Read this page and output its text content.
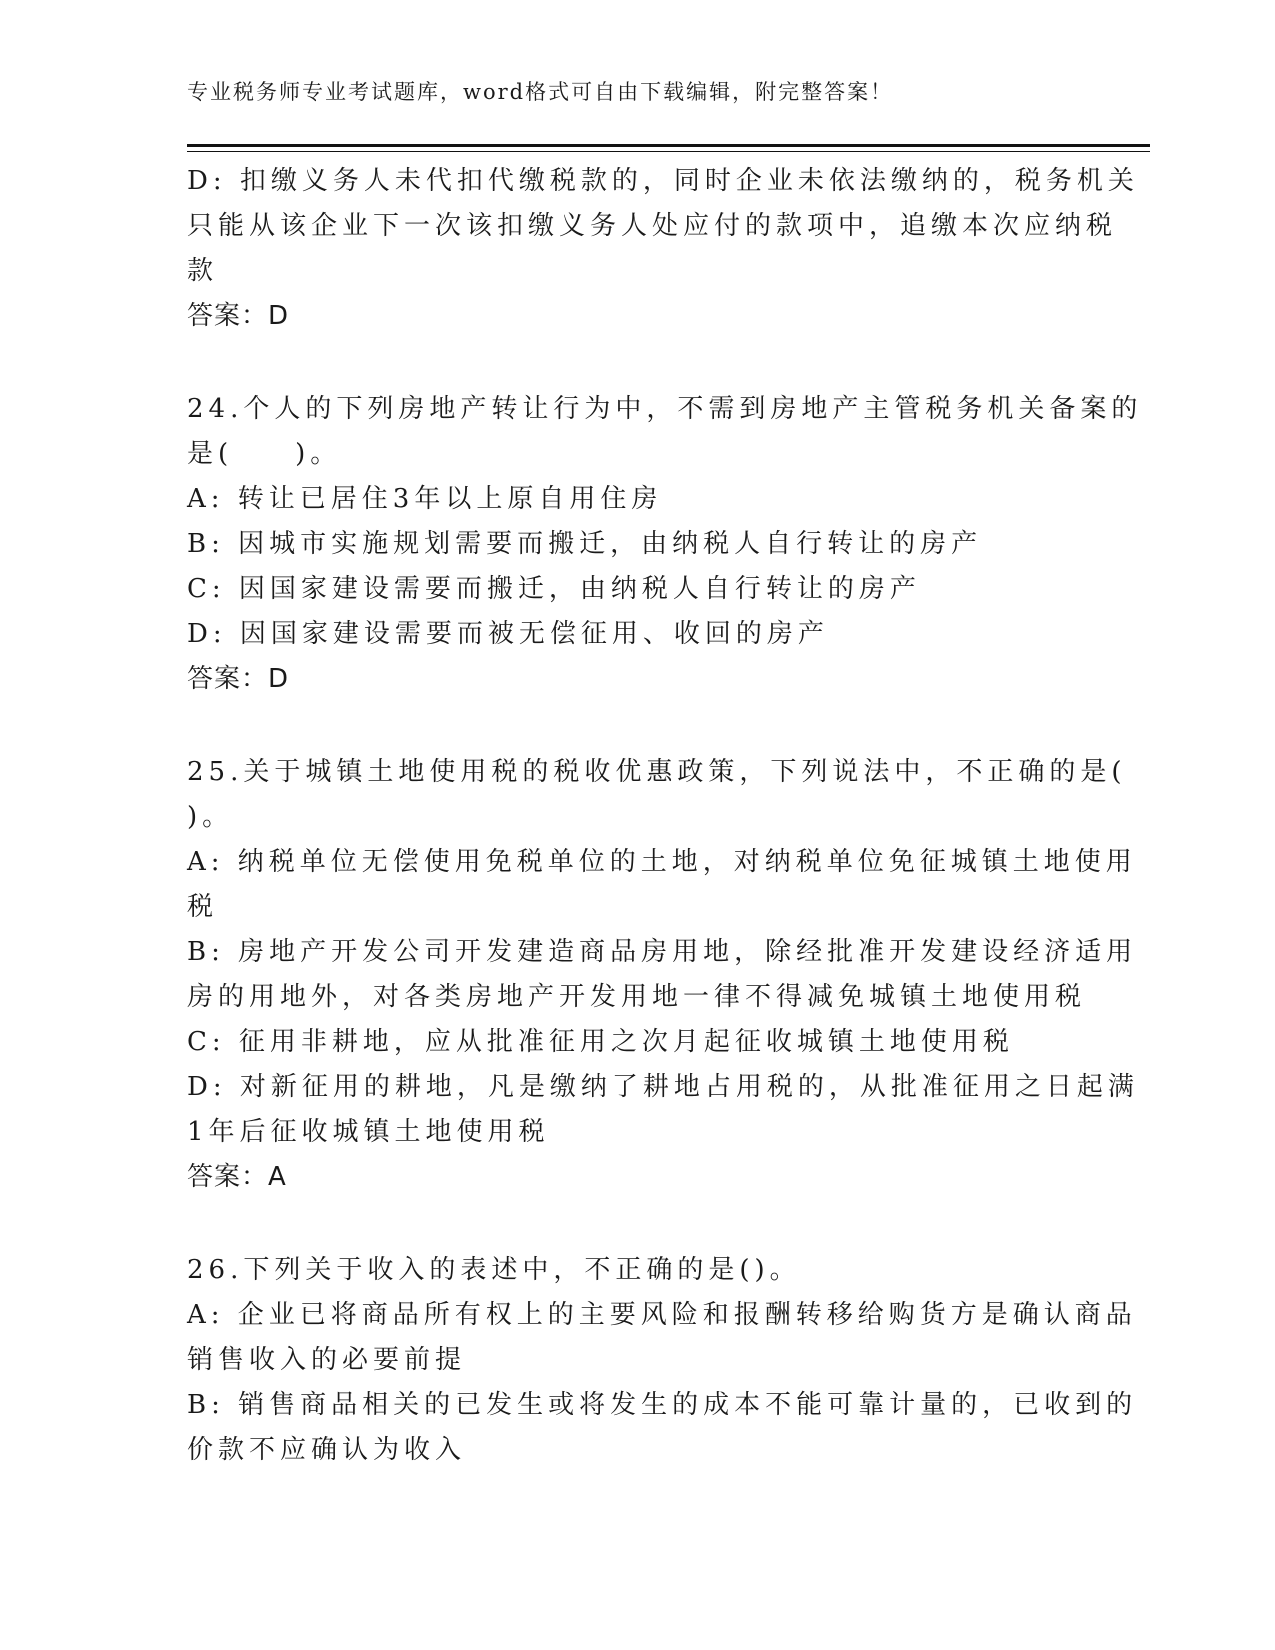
专业税务师专业考试题库，word格式可自由下载编辑，附完整答案！
D: 扣缴义务人未代扣代缴税款的，同时企业未依法缴纳的，税务机关
只能从该企业下一次该扣缴义务人处应付的款项中，追缴本次应纳税
款
答案：D
24.个人的下列房地产转让行为中，不需到房地产主管税务机关备案的
是(　　)。
A: 转让已居住3年以上原自用住房
B: 因城市实施规划需要而搬迁，由纳税人自行转让的房产
C: 因国家建设需要而搬迁，由纳税人自行转让的房产
D: 因国家建设需要而被无偿征用、收回的房产
答案：D
25.关于城镇土地使用税的税收优惠政策，下列说法中，不正确的是(
)。
A: 纳税单位无偿使用免税单位的土地，对纳税单位免征城镇土地使用
税
B: 房地产开发公司开发建造商品房用地，除经批准开发建设经济适用
房的用地外，对各类房地产开发用地一律不得减免城镇土地使用税
C: 征用非耕地，应从批准征用之次月起征收城镇土地使用税
D: 对新征用的耕地，凡是缴纳了耕地占用税的，从批准征用之日起满
1年后征收城镇土地使用税
答案：A
26.下列关于收入的表述中，不正确的是()。
A: 企业已将商品所有权上的主要风险和报酬转移给购货方是确认商品
销售收入的必要前提
B: 销售商品相关的已发生或将发生的成本不能可靠计量的，已收到的
价款不应确认为收入
